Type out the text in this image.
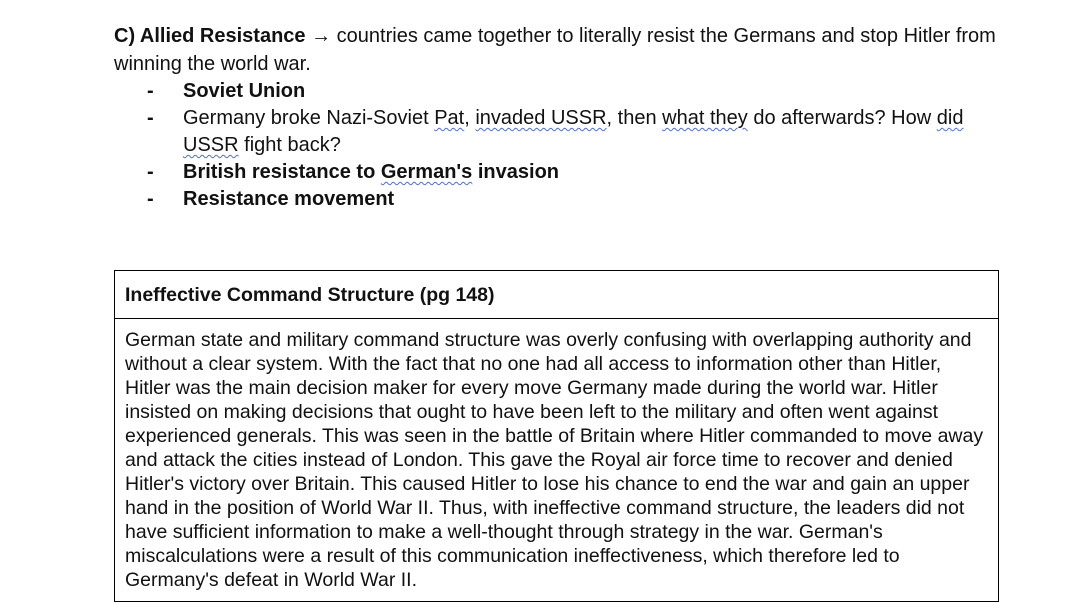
C) Allied Resistance → countries came together to literally resist the Germans and stop Hitler from winning the world war.

- Soviet Union
- Germany broke Nazi-Soviet Pat, invaded USSR, then what they do afterwards? How did USSR fight back?
- British resistance to German's invasion
- Resistance movement

Ineffective Command Structure (pg 148)

German state and military command structure was overly confusing with overlapping authority and without a clear system. With the fact that no one had all access to information other than Hitler, Hitler was the main decision maker for every move Germany made during the world war. Hitler insisted on making decisions that ought to have been left to the military and often went against experienced generals. This was seen in the battle of Britain where Hitler commanded to move away and attack the cities instead of London. This gave the Royal air force time to recover and denied Hitler's victory over Britain. This caused Hitler to lose his chance to end the war and gain an upper hand in the position of World War II. Thus, with ineffective command structure, the leaders did not have sufficient information to make a well-thought through strategy in the war. German's miscalculations were a result of this communication ineffectiveness, which therefore led to Germany's defeat in World War II.
